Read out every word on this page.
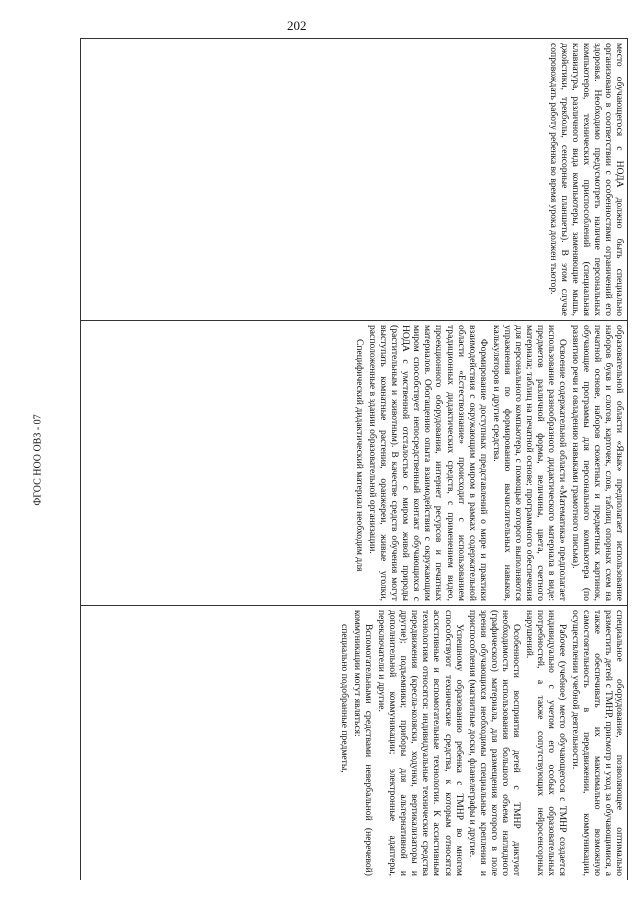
202
ФГОС НОО ОВЗ - 07

место обучающегося с НОДА должно быть специально организовано в соответствии с особенностями ограничений его здоровья. Необходимо предусмотреть наличие персональных компьютеров, технических приспособлений (специальная клавиатура, различного вида компьютеры, заменяющие мышь, джойстики, трекболы, сенсорные планшеты). В этом случае сопровождать работу ребенка во время урока должен тьютор.

образовательной области «Язык» предполагает использование наборов букв и слогов, карточек, слов, таблиц опорных схем на печатной основе, наборов сюжетных и предметных картинок, обучающие программы для персонального компьютера (по развитию речи и овладению навыками грамотного письма).

Освоение содержательной области «Математика» предполагает использование разнообразного дидактического материала в виде: предметов различной формы, величины, цвета, счетного материала; таблиц на печатной основе; программного обеспечения для персонального компьютера, с помощью которого выполняются упражнения по формированию вычислительных навыков, калькуляторов и другие средства.

Формирование доступных представлений о мире и практики взаимодействия с окружающим миром в рамках содержательной области «Естествознание» происходит с использованием традиционных дидактических средств, с применением видео, проекционного оборудования, интернет ресурсов и печатных материалов. Обогащению опыта взаимодействия с окружающим миром способствует непосредственный контакт обучающихся с НОДА с умственной отсталостью с миром живой природы (растительным и животным). В качестве средств обучения могут выступать комнатные растения, оранжереи, живые уголки, расположенные в здании образовательной организации.

Специфический дидактический материал необходим для

специальное оборудование, позволяющее оптимально разместить детей с ТМНР, присмотр и уход за обучающимися, а также обеспечивать их максимально возможную самостоятельность в передвижении, коммуникации, осуществлении учебной деятельности.

Рабочее (учебное) место обучающегося с ТМНР создается индивидуально с учетом его особых образовательных потребностей, а также сопутствующих нейросенсорных нарушений.

Особенности восприятия детей с ТМНР диктуют необходимость использования большого объема наглядного (графического) материала, для размещения которого в поле зрения обучающихся необходимы специальные крепления и приспособления (магнитные доски, фланелеграфы и другие.

Успешному образованию ребенка с ТМНР во многом способствуют технические средства, к которым относятся ассистивные и вспомогательные технологии. К ассистивным технологиям относятся: индивидуальные технические средства передвижения (кресла-коляски, ходунки, вертикализаторы и другие); подъемники; приборы для альтернативной и дополнительной коммуникации; электронные адаптеры, переключатели и другие.

Вспомогательными средствами невербальной (неречевой) коммуникации могут являться:

специально подобранные предметы,
